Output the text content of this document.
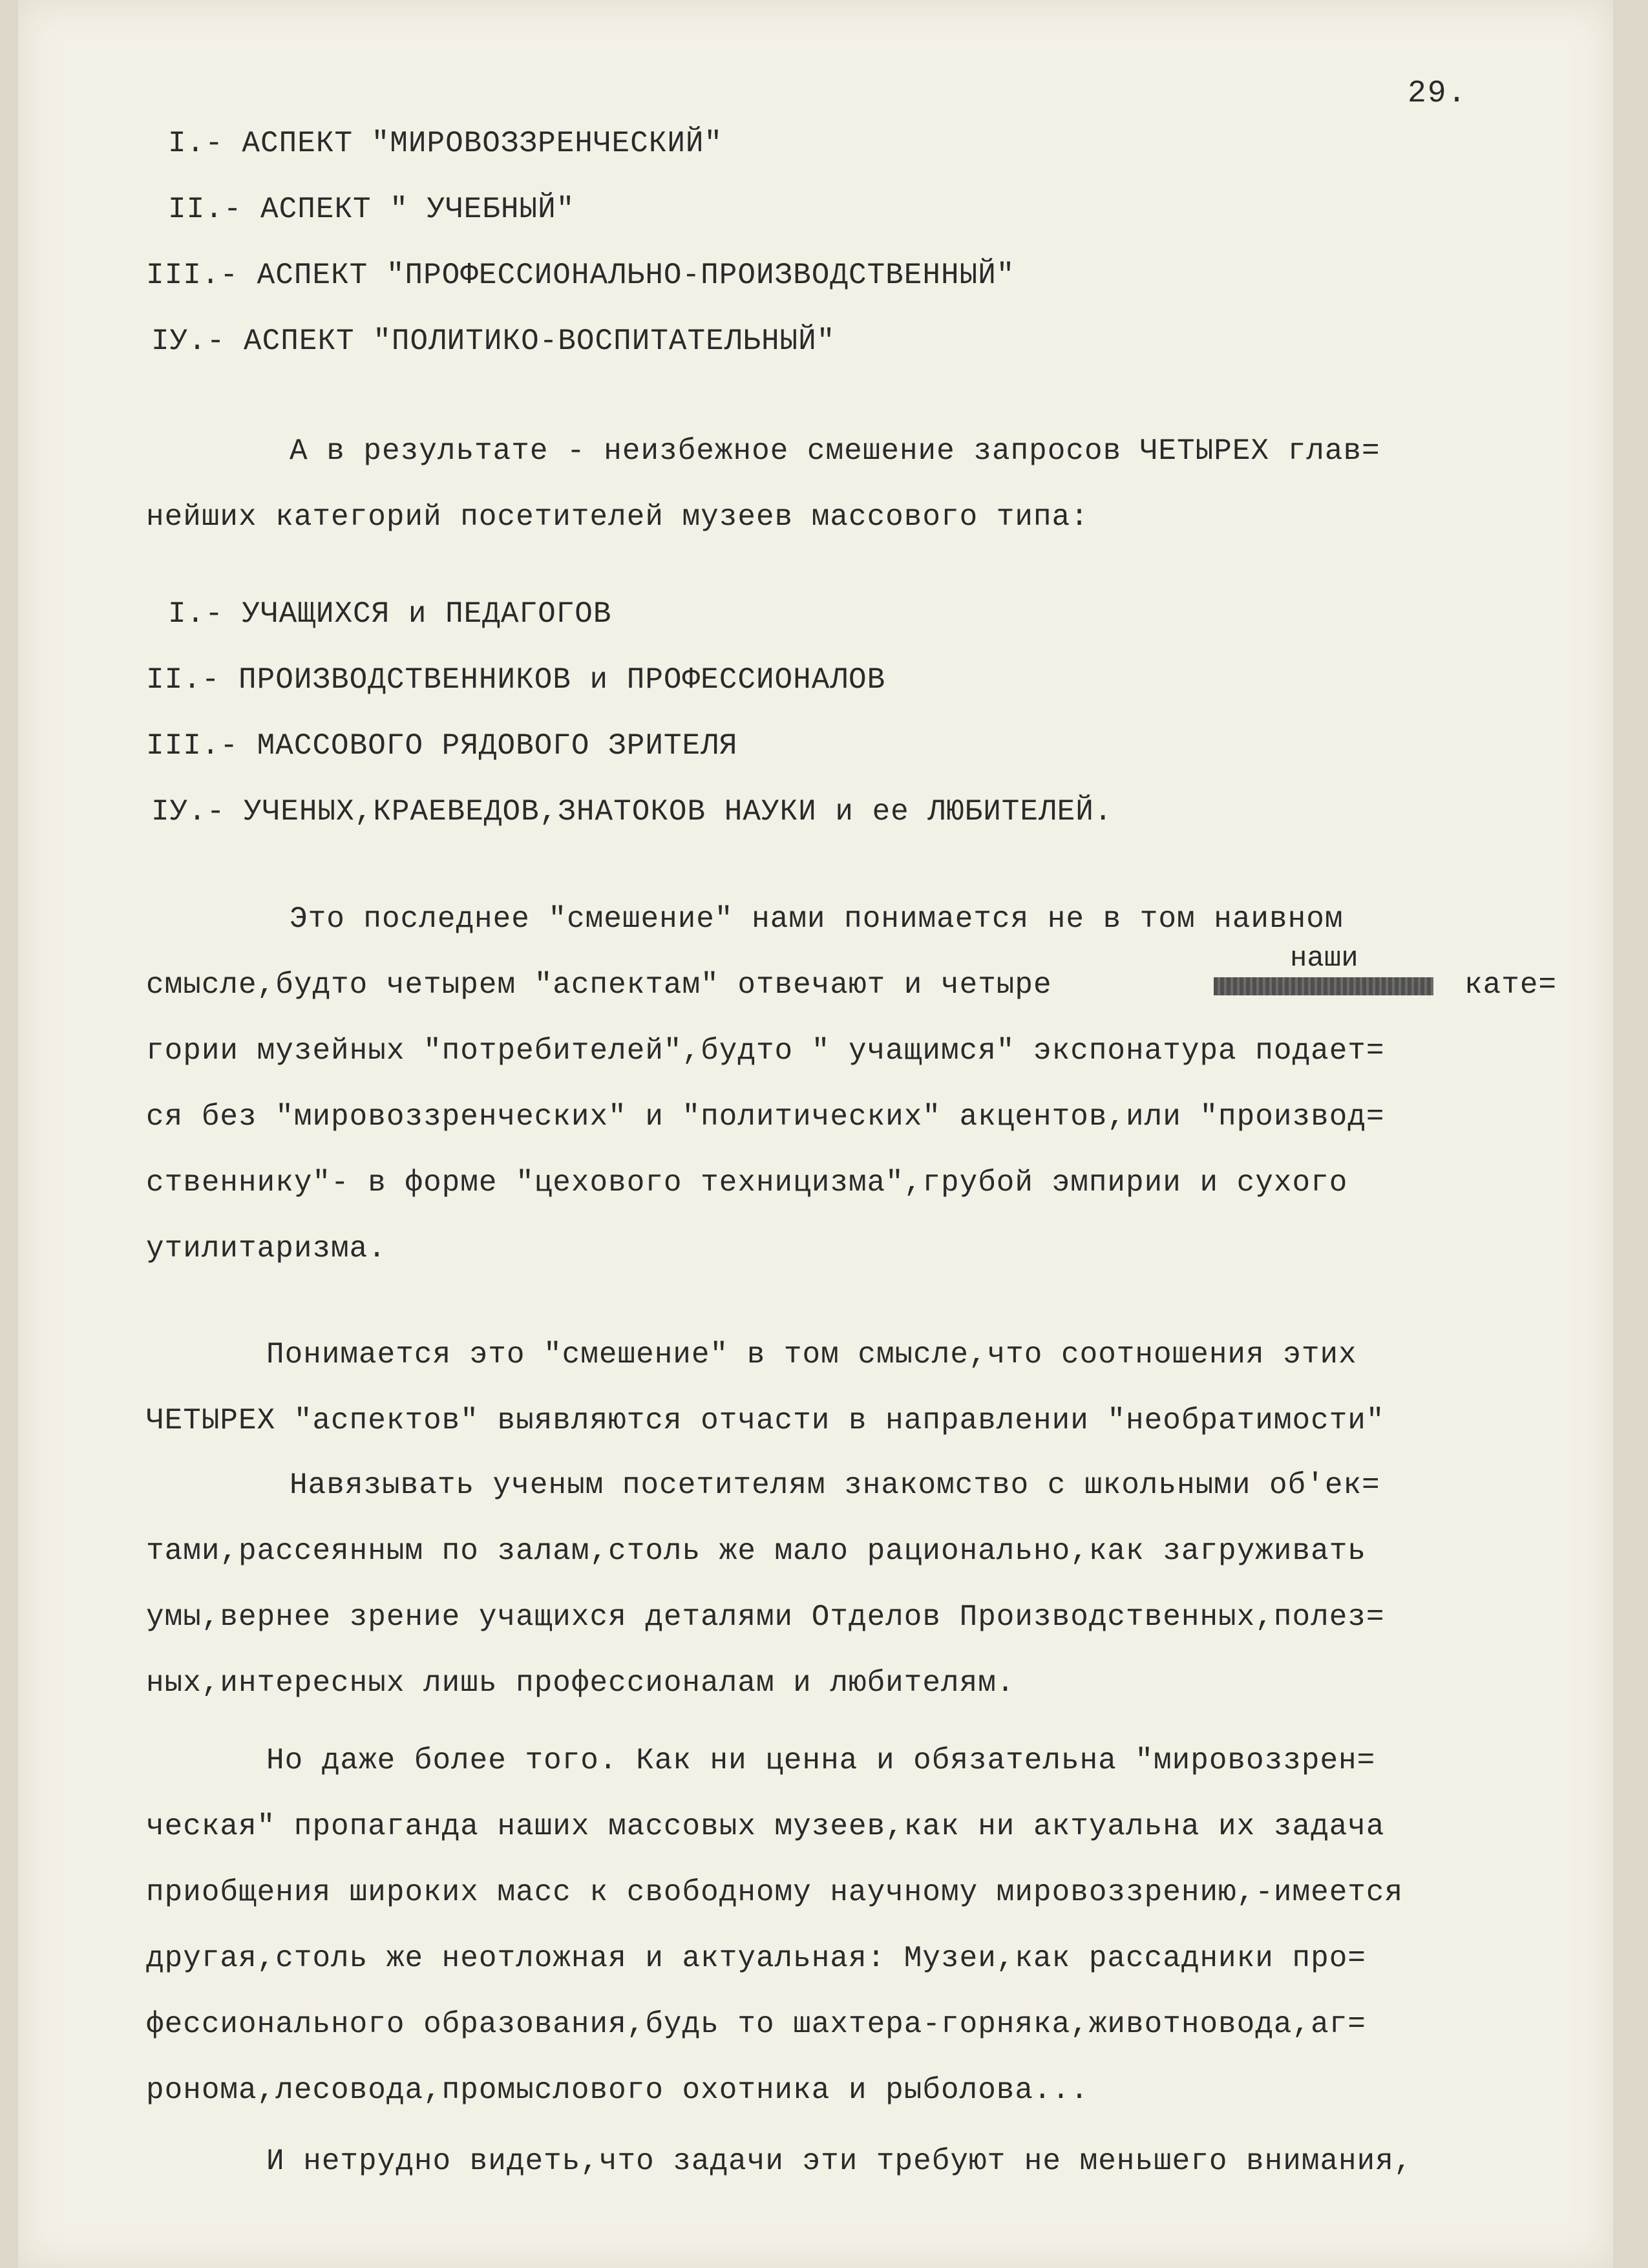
29.
I.- АСПЕКТ "МИРОВОЗЗРЕНЧЕСКИЙ"
II.- АСПЕКТ " УЧЕБНЫЙ"
III.- АСПЕКТ "ПРОФЕССИОНАЛЬНО-ПРОИЗВОДСТВЕННЫЙ"
IУ.- АСПЕКТ "ПОЛИТИКО-ВОСПИТАТЕЛЬНЫЙ"
А в результате - неизбежное смешение запросов ЧЕТЫРЕХ глав=
нейших категорий посетителей музеев массового типа:
I.- УЧАЩИХСЯ и ПЕДАГОГОВ
II.- ПРОИЗВОДСТВЕННИКОВ и ПРОФЕССИОНАЛОВ
III.- МАССОВОГО РЯДОВОГО ЗРИТЕЛЯ
IУ.- УЧЕНЫХ,КРАЕВЕДОВ,ЗНАТОКОВ НАУКИ и ее ЛЮБИТЕЛЕЙ.
Это последнее "смешение" нами понимается не в том наивном
наши
смысле,будто четырем "аспектам" отвечают и четыре	кате=
гории музейных "потребителей",будто " учащимся" экспонатура подает=
ся без "мировоззренческих" и "политических" акцентов,или "производ=
ственнику"- в форме "цехового техницизма",грубой эмпирии и сухого
утилитаризма.
Понимается это "смешение" в том смысле,что соотношения этих
ЧЕТЫРЕХ "аспектов" выявляются отчасти в направлении "необратимости"
Навязывать ученым посетителям знакомство с школьными об'ек=
тами,рассеянным по залам,столь же мало рационально,как загруживать
умы,вернее зрение учащихся деталями Отделов Производственных,полез=
ных,интересных лишь профессионалам и любителям.
Но даже более того. Как ни ценна и обязательна "мировоззрен=
ческая" пропаганда наших массовых музеев,как ни актуальна их задача
приобщения широких масс к свободному научному мировоззрению,-имеется
другая,столь же неотложная и актуальная: Музеи,как рассадники про=
фессионального образования,будь то шахтера-горняка,животновода,аг=
ронома,лесовода,промыслового охотника и рыболова...
И нетрудно видеть,что задачи эти требуют не меньшего внимания,
